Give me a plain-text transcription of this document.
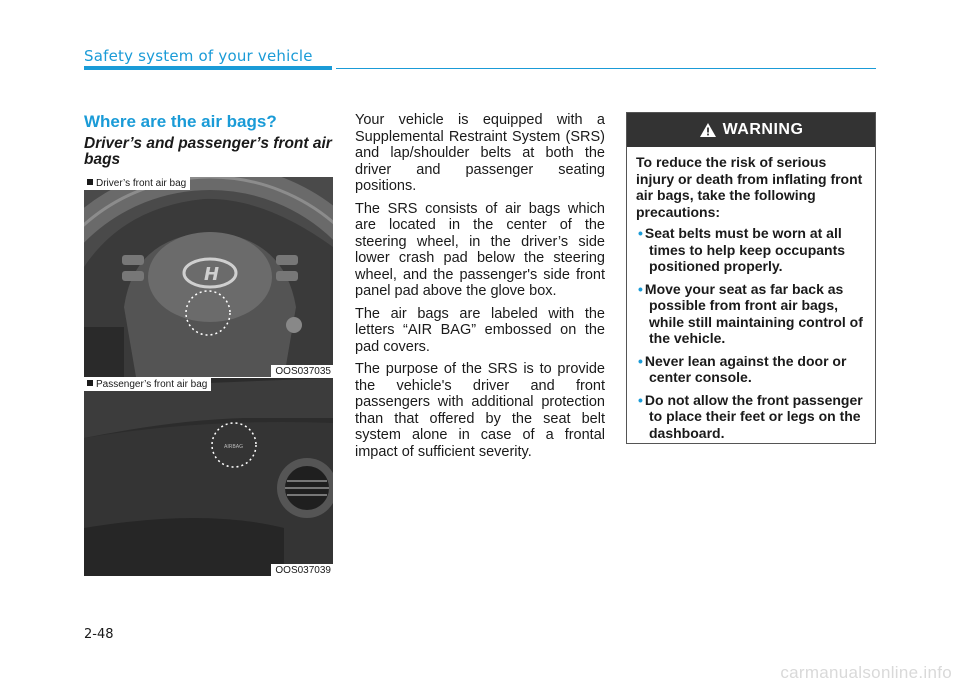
Safety system of your vehicle
Where are the air bags?
Driver’s and passenger’s front air bags
H
Driver’s front air bag
OOS037035
AIRBAG
Passenger’s front air bag
OOS037039

Your vehicle is equipped with a Supplemental Restraint System (SRS) and lap/shoulder belts at both the driver and passenger seating positions.

The SRS consists of air bags which are located in the center of the steering wheel, in the driver’s side lower crash pad below the steering wheel, and the passenger's side front panel pad above the glove box.

The air bags are labeled with the letters “AIR BAG” embossed on the pad covers.

The purpose of the SRS is to provide the vehicle's driver and front passengers with additional protection than that offered by the seat belt system alone in case of a frontal impact of sufficient severity.

WARNING

To reduce the risk of serious injury or death from inflating front air bags, take the following precautions:

• Seat belts must be worn at all times to help keep occupants positioned properly.
• Move your seat as far back as possible from front air bags, while still maintaining control of the vehicle.
• Never lean against the door or center console.
• Do not allow the front passenger to place their feet or legs on the dashboard.
2-48
carmanualsonline.info
